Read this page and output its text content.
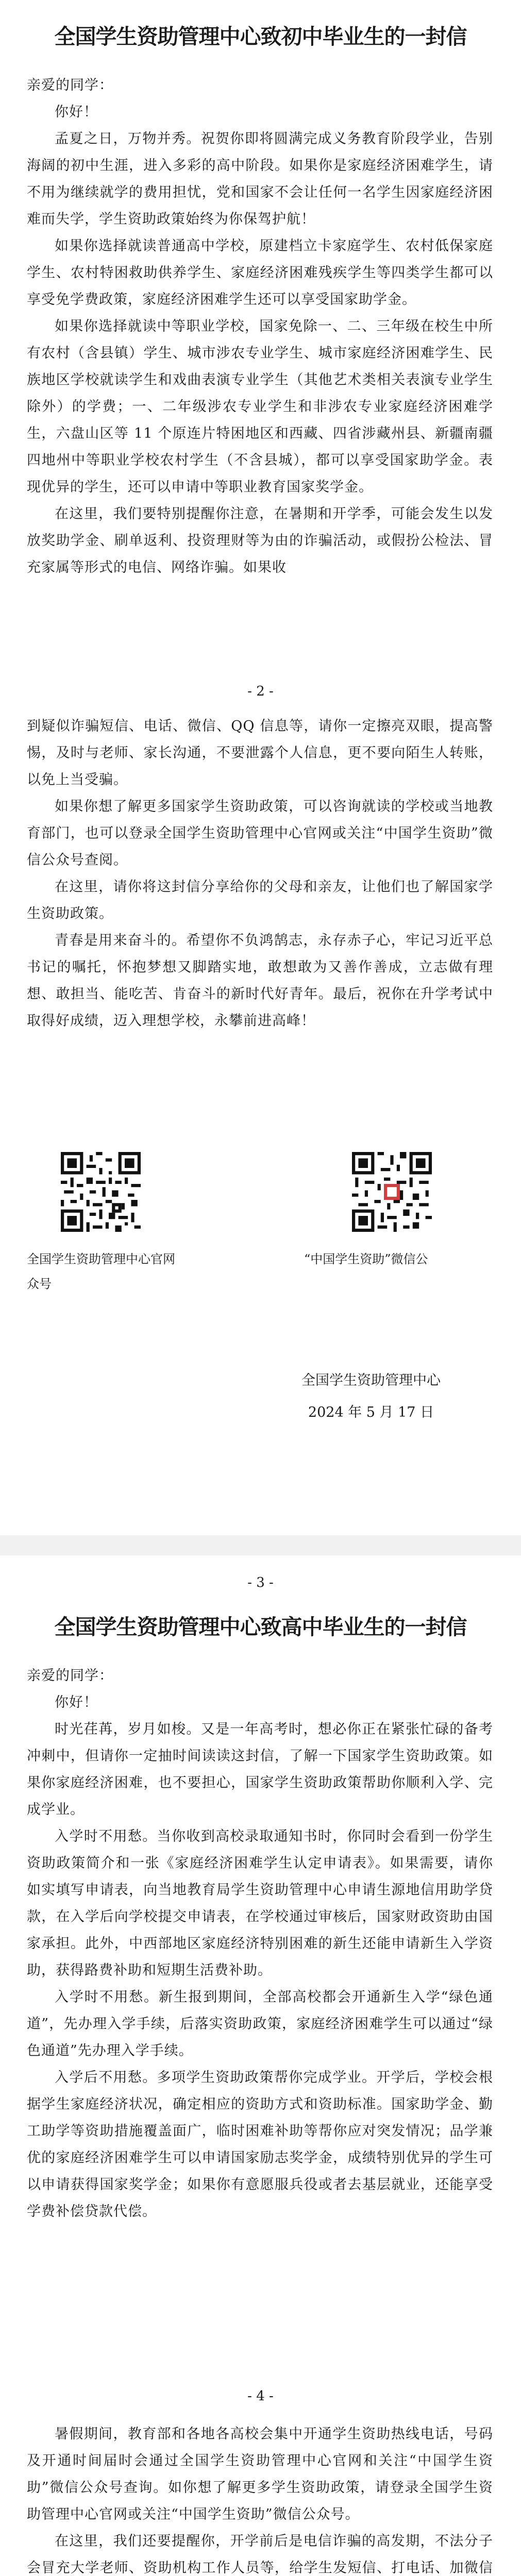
全国学生资助管理中心致初中毕业生的一封信

亲爱的同学：

你好！

孟夏之日，万物并秀。祝贺你即将圆满完成义务教育阶段学业，告别海阔的初中生涯，进入多彩的高中阶段。如果你是家庭经济困难学生，请不用为继续就学的费用担忧，党和国家不会让任何一名学生因家庭经济困难而失学，学生资助政策始终为你保驾护航！

如果你选择就读普通高中学校，原建档立卡家庭学生、农村低保家庭学生、农村特困救助供养学生、家庭经济困难残疾学生等四类学生都可以享受免学费政策，家庭经济困难学生还可以享受国家助学金。

如果你选择就读中等职业学校，国家免除一、二、三年级在校生中所有农村（含县镇）学生、城市涉农专业学生、城市家庭经济困难学生、民族地区学校就读学生和戏曲表演专业学生（其他艺术类相关表演专业学生除外）的学费；一、二年级涉农专业学生和非涉农专业家庭经济困难学生，六盘山区等 11 个原连片特困地区和西藏、四省涉藏州县、新疆南疆四地州中等职业学校农村学生（不含县城），都可以享受国家助学金。表现优异的学生，还可以申请中等职业教育国家奖学金。

在这里，我们要特别提醒你注意，在暑期和开学季，可能会发生以发放奖助学金、刷单返利、投资理财等为由的诈骗活动，或假扮公检法、冒充家属等形式的电信、网络诈骗。如果收

- 2 -

到疑似诈骗短信、电话、微信、QQ 信息等，请你一定擦亮双眼，提高警惕，及时与老师、家长沟通，不要泄露个人信息，更不要向陌生人转账，以免上当受骗。

如果你想了解更多国家学生资助政策，可以咨询就读的学校或当地教育部门，也可以登录全国学生资助管理中心官网或关注“中国学生资助”微信公众号查阅。

在这里，请你将这封信分享给你的父母和亲友，让他们也了解国家学生资助政策。

青春是用来奋斗的。希望你不负鸿鹄志，永存赤子心，牢记习近平总书记的嘱托，怀抱梦想又脚踏实地，敢想敢为又善作善成，立志做有理想、敢担当、能吃苦、肯奋斗的新时代好青年。最后，祝你在升学考试中取得好成绩，迈入理想学校，永攀前进高峰！

全国学生资助管理中心官网
众号
“中国学生资助”微信公
全国学生资助管理中心
2024 年 5 月 17 日
- 3 -
全国学生资助管理中心致高中毕业生的一封信

亲爱的同学：

你好！

时光荏苒，岁月如梭。又是一年高考时，想必你正在紧张忙碌的备考冲刺中，但请你一定抽时间读读这封信，了解一下国家学生资助政策。如果你家庭经济困难，也不要担心，国家学生资助政策帮助你顺利入学、完成学业。

入学时不用愁。当你收到高校录取通知书时，你同时会看到一份学生资助政策简介和一张《家庭经济困难学生认定申请表》。如果需要，请你如实填写申请表，向当地教育局学生资助管理中心申请生源地信用助学贷款，在入学后向学校提交申请表，在学校通过审核后，国家财政资助由国家承担。此外，中西部地区家庭经济特别困难的新生还能申请新生入学资助，获得路费补助和短期生活费补助。

入学时不用愁。新生报到期间，全部高校都会开通新生入学“绿色通道”，先办理入学手续，后落实资助政策，家庭经济困难学生可以通过“绿色通道”先办理入学手续。

入学后不用愁。多项学生资助政策帮你完成学业。开学后，学校会根据学生家庭经济状况，确定相应的资助方式和资助标准。国家助学金、勤工助学等资助措施覆盖面广，临时困难补助等帮你应对突发情况；品学兼优的家庭经济困难学生可以申请国家励志奖学金，成绩特别优异的学生可以申请获得国家奖学金；如果你有意愿服兵役或者去基层就业，还能享受学费补偿贷款代偿。

- 4 -

暑假期间，教育部和各地各高校会集中开通学生资助热线电话，号码及开通时间届时会通过全国学生资助管理中心官网和关注“中国学生资助”微信公众号查询。如你想了解更多学生资助政策，请登录全国学生资助管理中心官网或关注“中国学生资助”微信公众号。

在这里，我们还要提醒你，开学前后是电信诈骗的高发期，不法分子会冒充大学老师、资助机构工作人员等，给学生发短信、打电话、加微信
